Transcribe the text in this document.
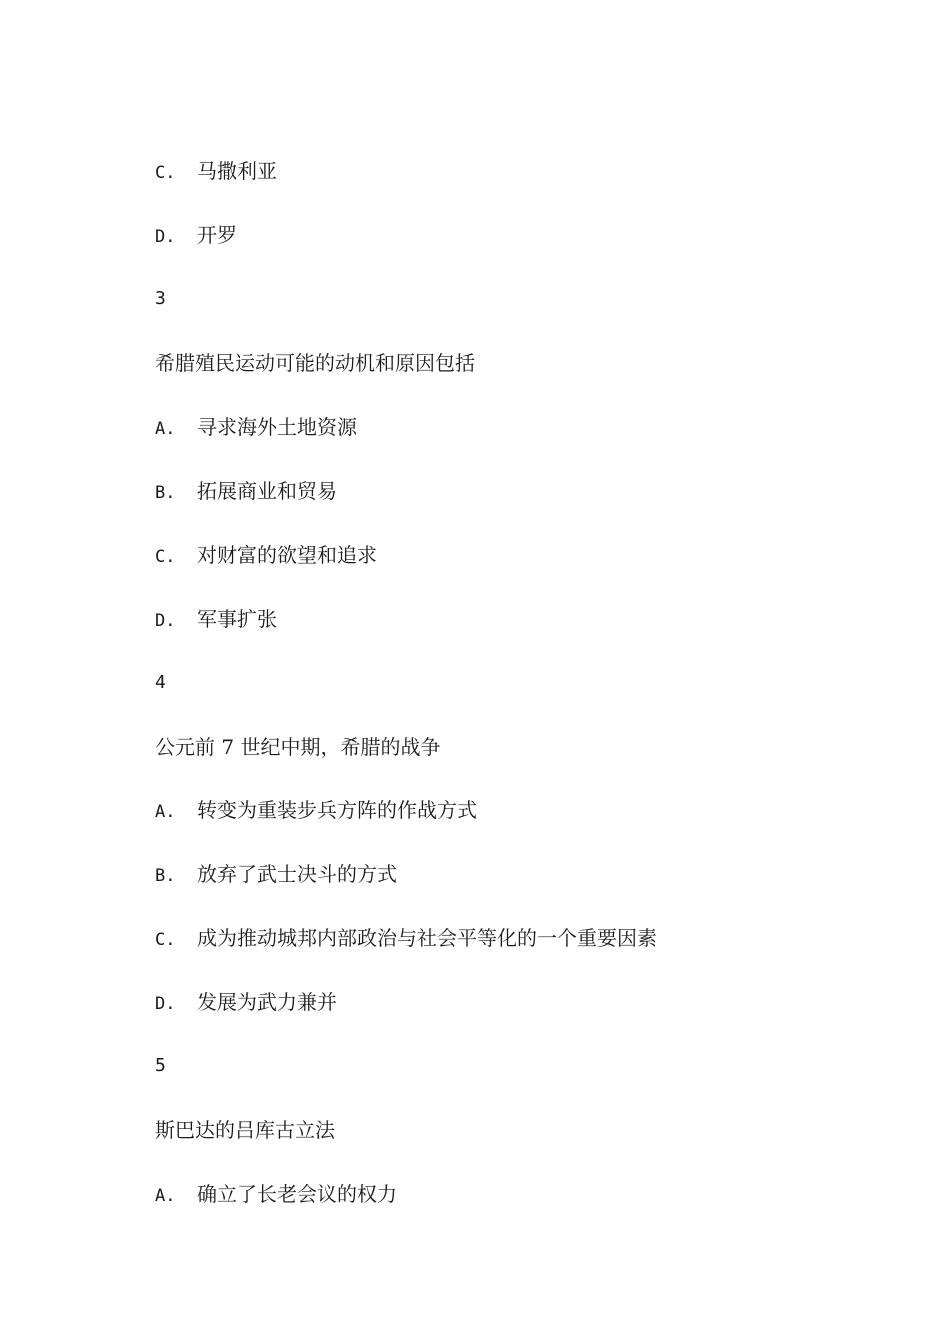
C. 马撒利亚
D. 开罗
3
希腊殖民运动可能的动机和原因包括
A. 寻求海外土地资源
B. 拓展商业和贸易
C. 对财富的欲望和追求
D. 军事扩张
4
公元前 7 世纪中期，希腊的战争
A. 转变为重装步兵方阵的作战方式
B. 放弃了武士决斗的方式
C. 成为推动城邦内部政治与社会平等化的一个重要因素
D. 发展为武力兼并
5
斯巴达的吕库古立法
A. 确立了长老会议的权力
